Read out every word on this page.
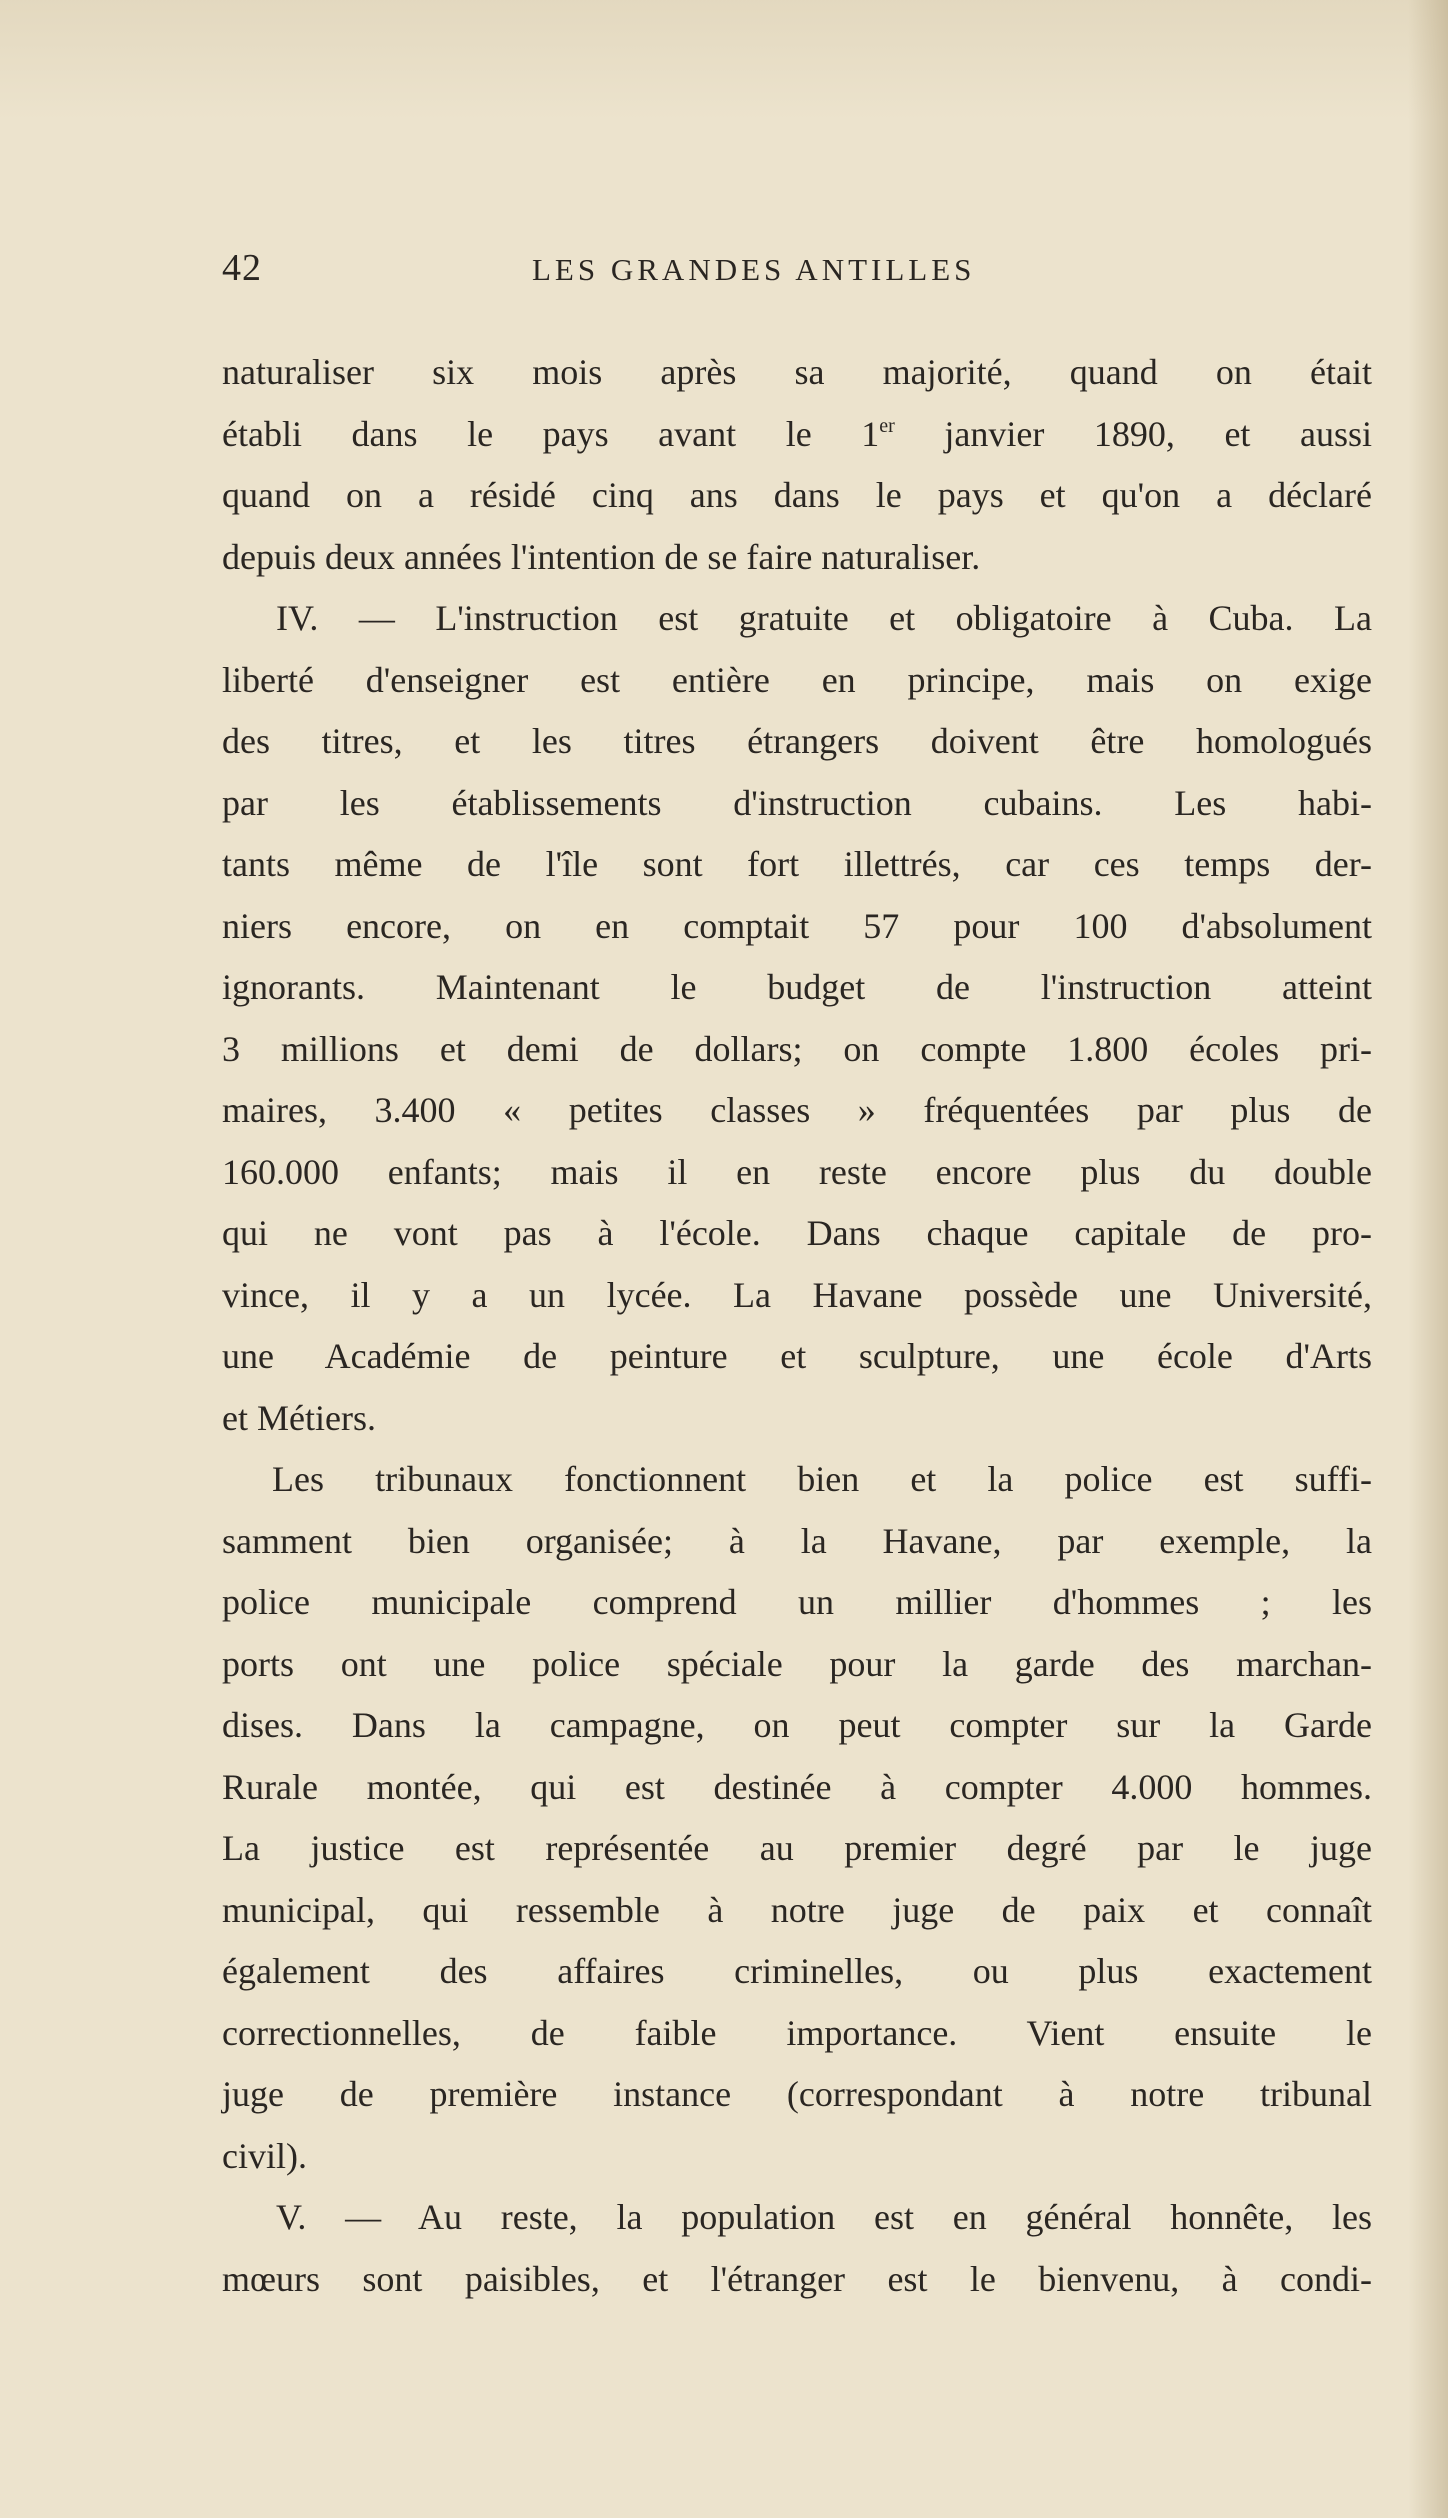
42	LES GRANDES ANTILLES
naturaliser six mois après sa majorité, quand on était
établi dans le pays avant le 1er janvier 1890, et aussi
quand on a résidé cinq ans dans le pays et qu'on a déclaré
depuis deux années l'intention de se faire naturaliser.
IV. — L'instruction est gratuite et obligatoire à Cuba. La
liberté d'enseigner est entière en principe, mais on exige
des titres, et les titres étrangers doivent être homologués
par les établissements d'instruction cubains. Les habi-
tants même de l'île sont fort illettrés, car ces temps der-
niers encore, on en comptait 57 pour 100 d'absolument
ignorants. Maintenant le budget de l'instruction atteint
3 millions et demi de dollars; on compte 1.800 écoles pri-
maires, 3.400 « petites classes » fréquentées par plus de
160.000 enfants; mais il en reste encore plus du double
qui ne vont pas à l'école. Dans chaque capitale de pro-
vince, il y a un lycée. La Havane possède une Université,
une Académie de peinture et sculpture, une école d'Arts
et Métiers.
Les tribunaux fonctionnent bien et la police est suffi-
samment bien organisée; à la Havane, par exemple, la
police municipale comprend un millier d'hommes ; les
ports ont une police spéciale pour la garde des marchan-
dises. Dans la campagne, on peut compter sur la Garde
Rurale montée, qui est destinée à compter 4.000 hommes.
La justice est représentée au premier degré par le juge
municipal, qui ressemble à notre juge de paix et connaît
également des affaires criminelles, ou plus exactement
correctionnelles, de faible importance. Vient ensuite le
juge de première instance (correspondant à notre tribunal
civil).
V. — Au reste, la population est en général honnête, les
mœurs sont paisibles, et l'étranger est le bienvenu, à condi-
